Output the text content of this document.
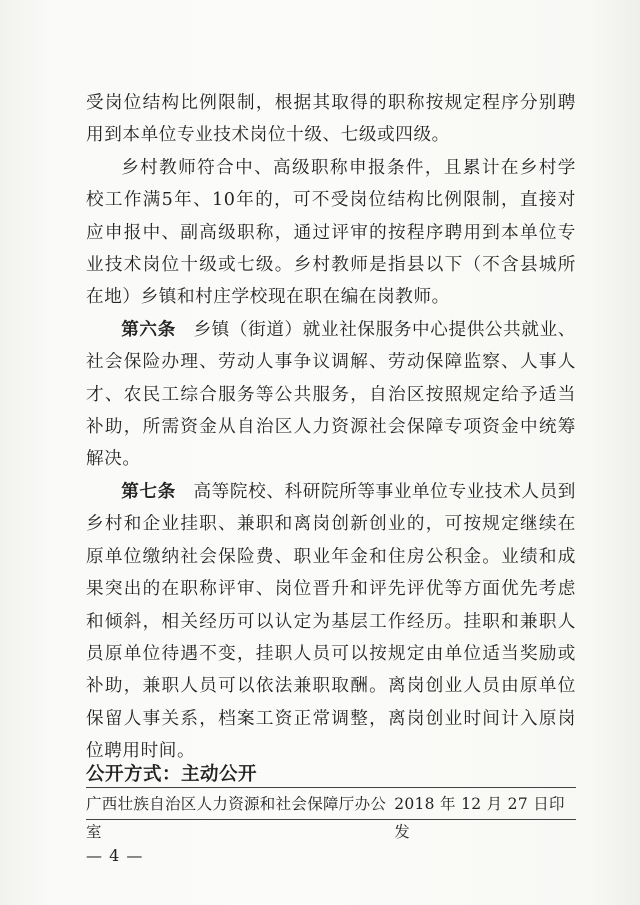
受岗位结构比例限制，根据其取得的职称按规定程序分别聘用到本单位专业技术岗位十级、七级或四级。

乡村教师符合中、高级职称申报条件，且累计在乡村学校工作满5年、10年的，可不受岗位结构比例限制，直接对应申报中、副高级职称，通过评审的按程序聘用到本单位专业技术岗位十级或七级。乡村教师是指县以下（不含县城所在地）乡镇和村庄学校现在职在编在岗教师。

第六条 乡镇（街道）就业社保服务中心提供公共就业、社会保险办理、劳动人事争议调解、劳动保障监察、人事人才、农民工综合服务等公共服务，自治区按照规定给予适当补助，所需资金从自治区人力资源社会保障专项资金中统筹解决。

第七条 高等院校、科研院所等事业单位专业技术人员到乡村和企业挂职、兼职和离岗创新创业的，可按规定继续在原单位缴纳社会保险费、职业年金和住房公积金。业绩和成果突出的在职称评审、岗位晋升和评先评优等方面优先考虑和倾斜，相关经历可以认定为基层工作经历。挂职和兼职人员原单位待遇不变，挂职人员可以按规定由单位适当奖励或补助，兼职人员可以依法兼职取酬。离岗创业人员由原单位保留人事关系，档案工资正常调整，离岗创业时间计入原岗位聘用时间。

公开方式：主动公开
广西壮族自治区人力资源和社会保障厅办公室
2018 年 12 月 27 日印发
— 4 —
